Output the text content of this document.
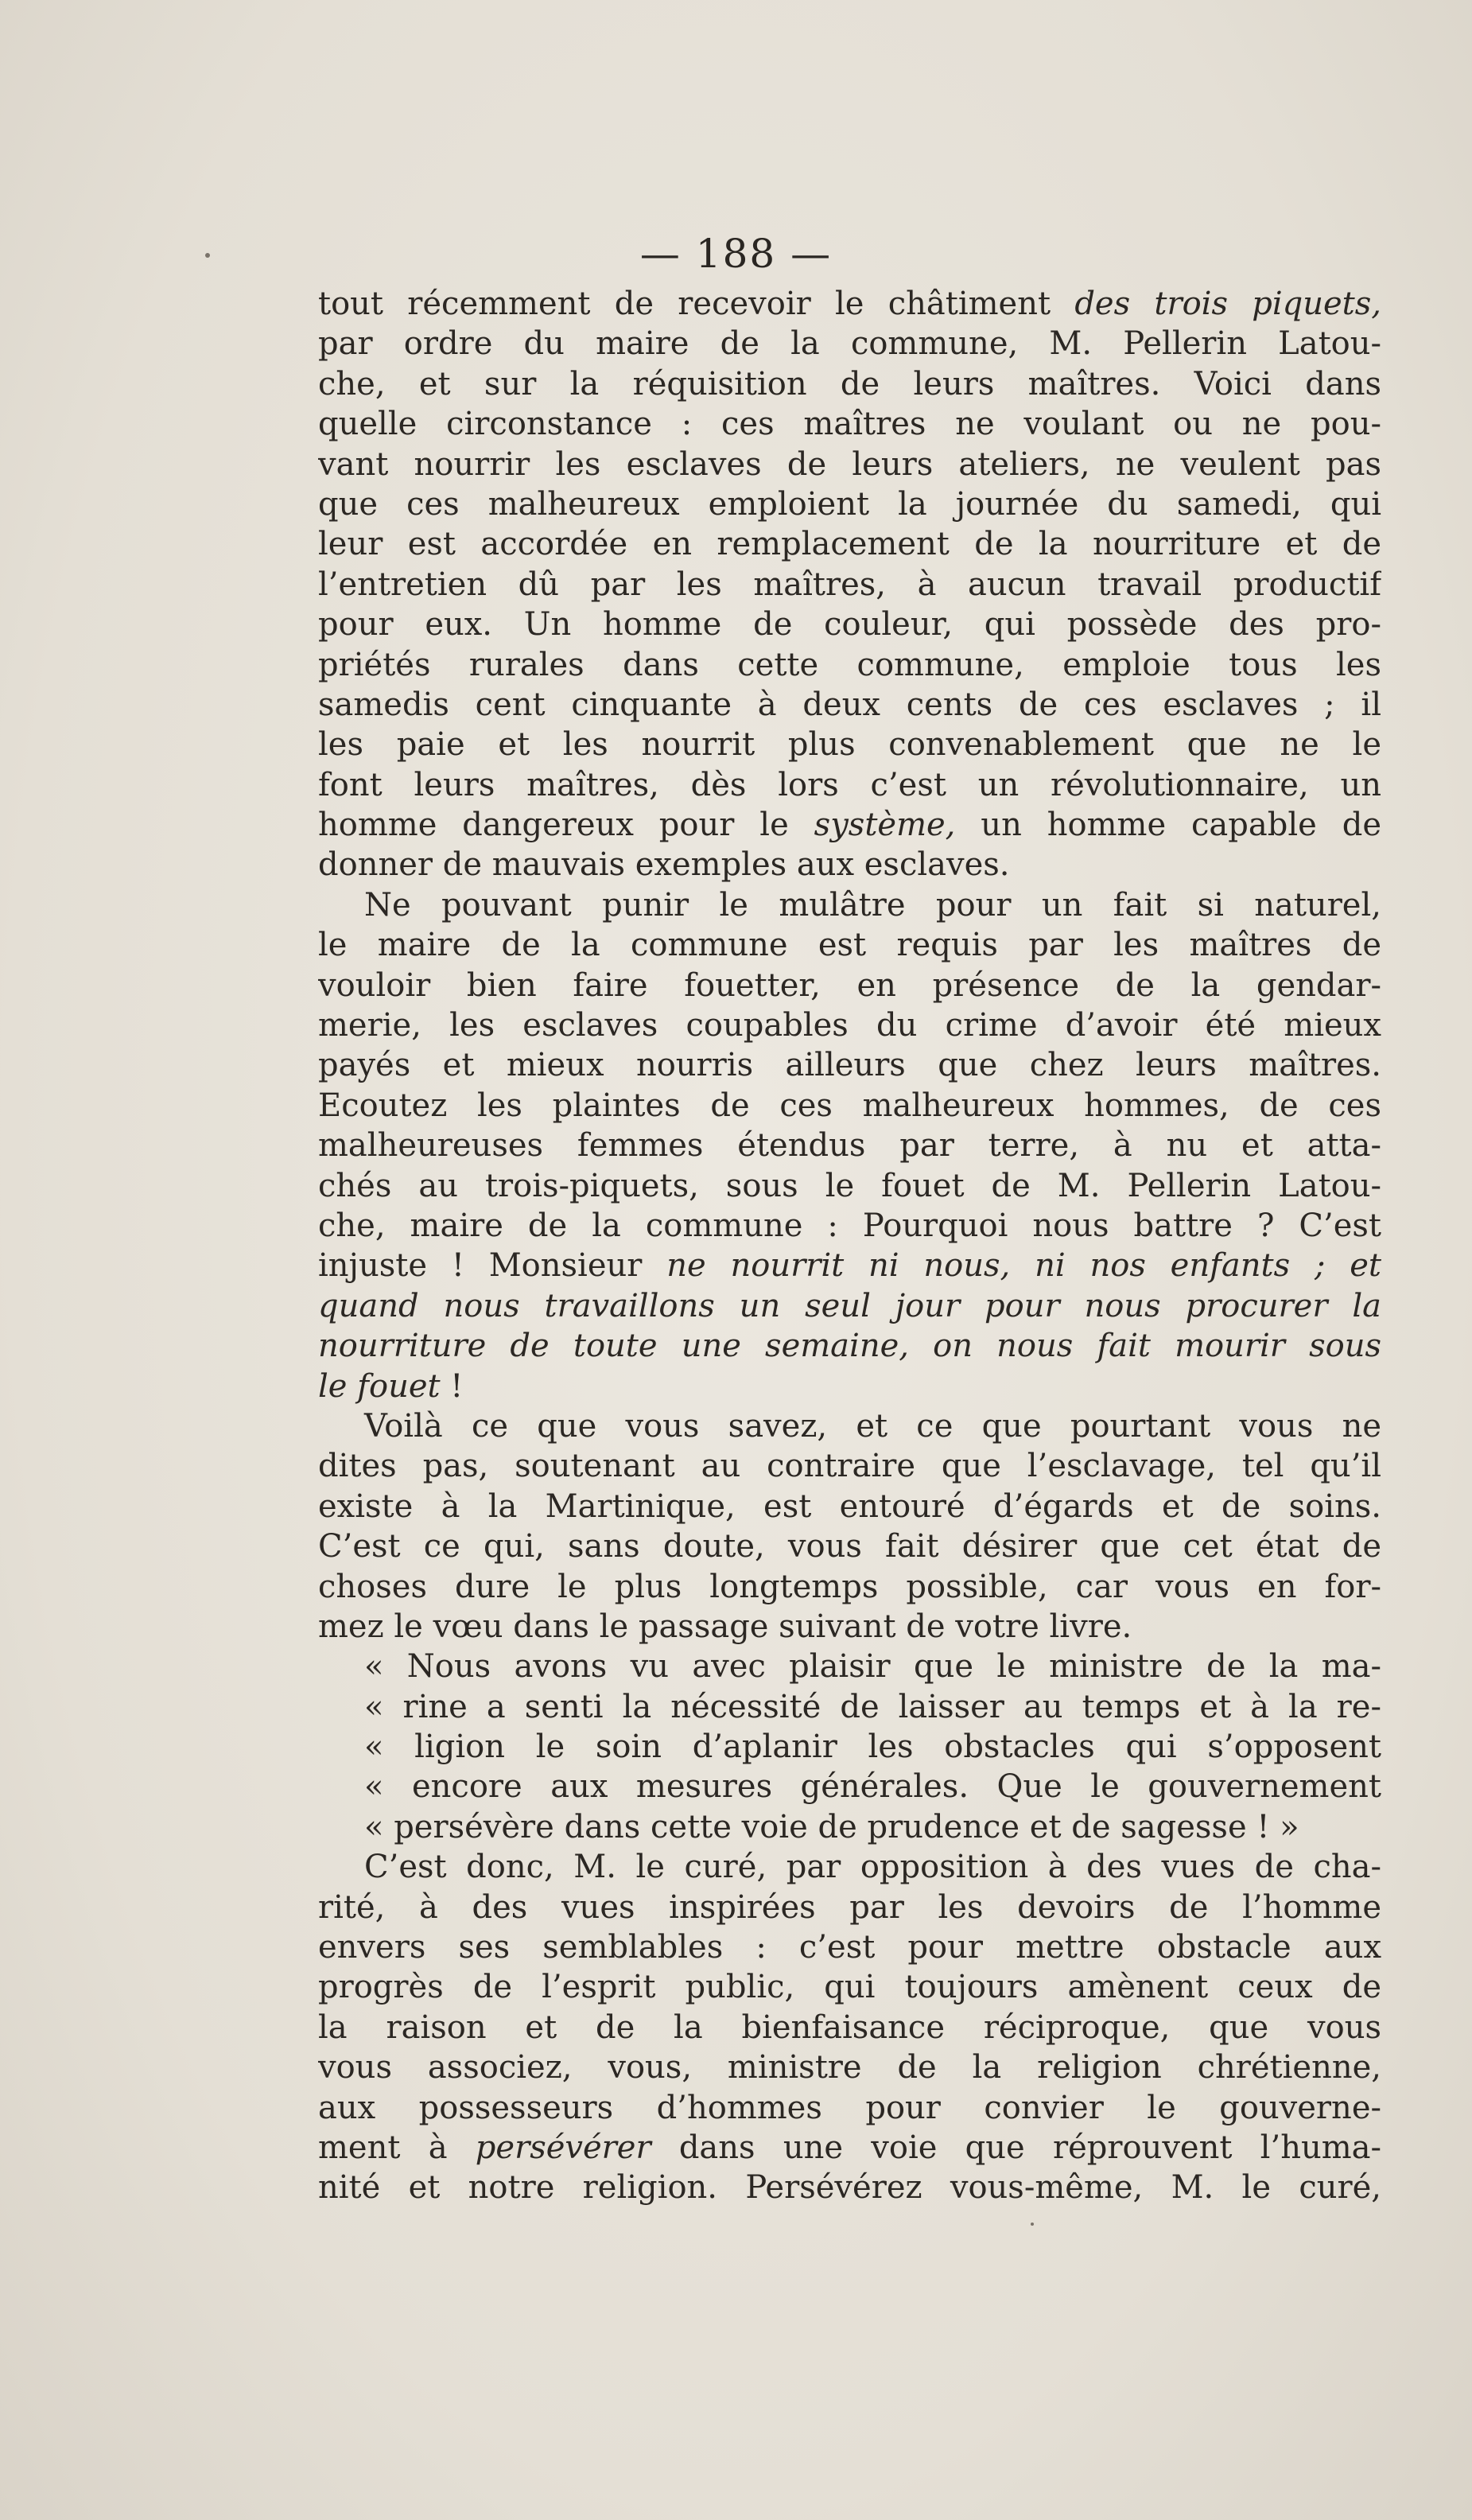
— 188 —
tout récemment de recevoir le châtiment des trois piquets,
par ordre du maire de la commune, M. Pellerin Latou-
che, et sur la réquisition de leurs maîtres. Voici dans
quelle circonstance : ces maîtres ne voulant ou ne pou-
vant nourrir les esclaves de leurs ateliers, ne veulent pas
que ces malheureux emploient la journée du samedi, qui
leur est accordée en remplacement de la nourriture et de
l’entretien dû par les maîtres, à aucun travail productif
pour eux. Un homme de couleur, qui possède des pro-
priétés rurales dans cette commune, emploie tous les
samedis cent cinquante à deux cents de ces esclaves ; il
les paie et les nourrit plus convenablement que ne le
font leurs maîtres, dès lors c’est un révolutionnaire, un
homme dangereux pour le système, un homme capable de
donner de mauvais exemples aux esclaves.
Ne pouvant punir le mulâtre pour un fait si naturel,
le maire de la commune est requis par les maîtres de
vouloir bien faire fouetter, en présence de la gendar-
merie, les esclaves coupables du crime d’avoir été mieux
payés et mieux nourris ailleurs que chez leurs maîtres.
Ecoutez les plaintes de ces malheureux hommes, de ces
malheureuses femmes étendus par terre, à nu et atta-
chés au trois-piquets, sous le fouet de M. Pellerin Latou-
che, maire de la commune : Pourquoi nous battre ? C’est
injuste ! Monsieur ne nourrit ni nous, ni nos enfants ; et
quand nous travaillons un seul jour pour nous procurer la
nourriture de toute une semaine, on nous fait mourir sous
le fouet !
Voilà ce que vous savez, et ce que pourtant vous ne
dites pas, soutenant au contraire que l’esclavage, tel qu’il
existe à la Martinique, est entouré d’égards et de soins.
C’est ce qui, sans doute, vous fait désirer que cet état de
choses dure le plus longtemps possible, car vous en for-
mez le vœu dans le passage suivant de votre livre.
« Nous avons vu avec plaisir que le ministre de la ma-
« rine a senti la nécessité de laisser au temps et à la re-
« ligion le soin d’aplanir les obstacles qui s’opposent
« encore aux mesures générales. Que le gouvernement
« persévère dans cette voie de prudence et de sagesse ! »
C’est donc, M. le curé, par opposition à des vues de cha-
rité, à des vues inspirées par les devoirs de l’homme
envers ses semblables : c’est pour mettre obstacle aux
progrès de l’esprit public, qui toujours amènent ceux de
la raison et de la bienfaisance réciproque, que vous
vous associez, vous, ministre de la religion chrétienne,
aux possesseurs d’hommes pour convier le gouverne-
ment à persévérer dans une voie que réprouvent l’huma-
nité et notre religion. Persévérez vous-même, M. le curé,
